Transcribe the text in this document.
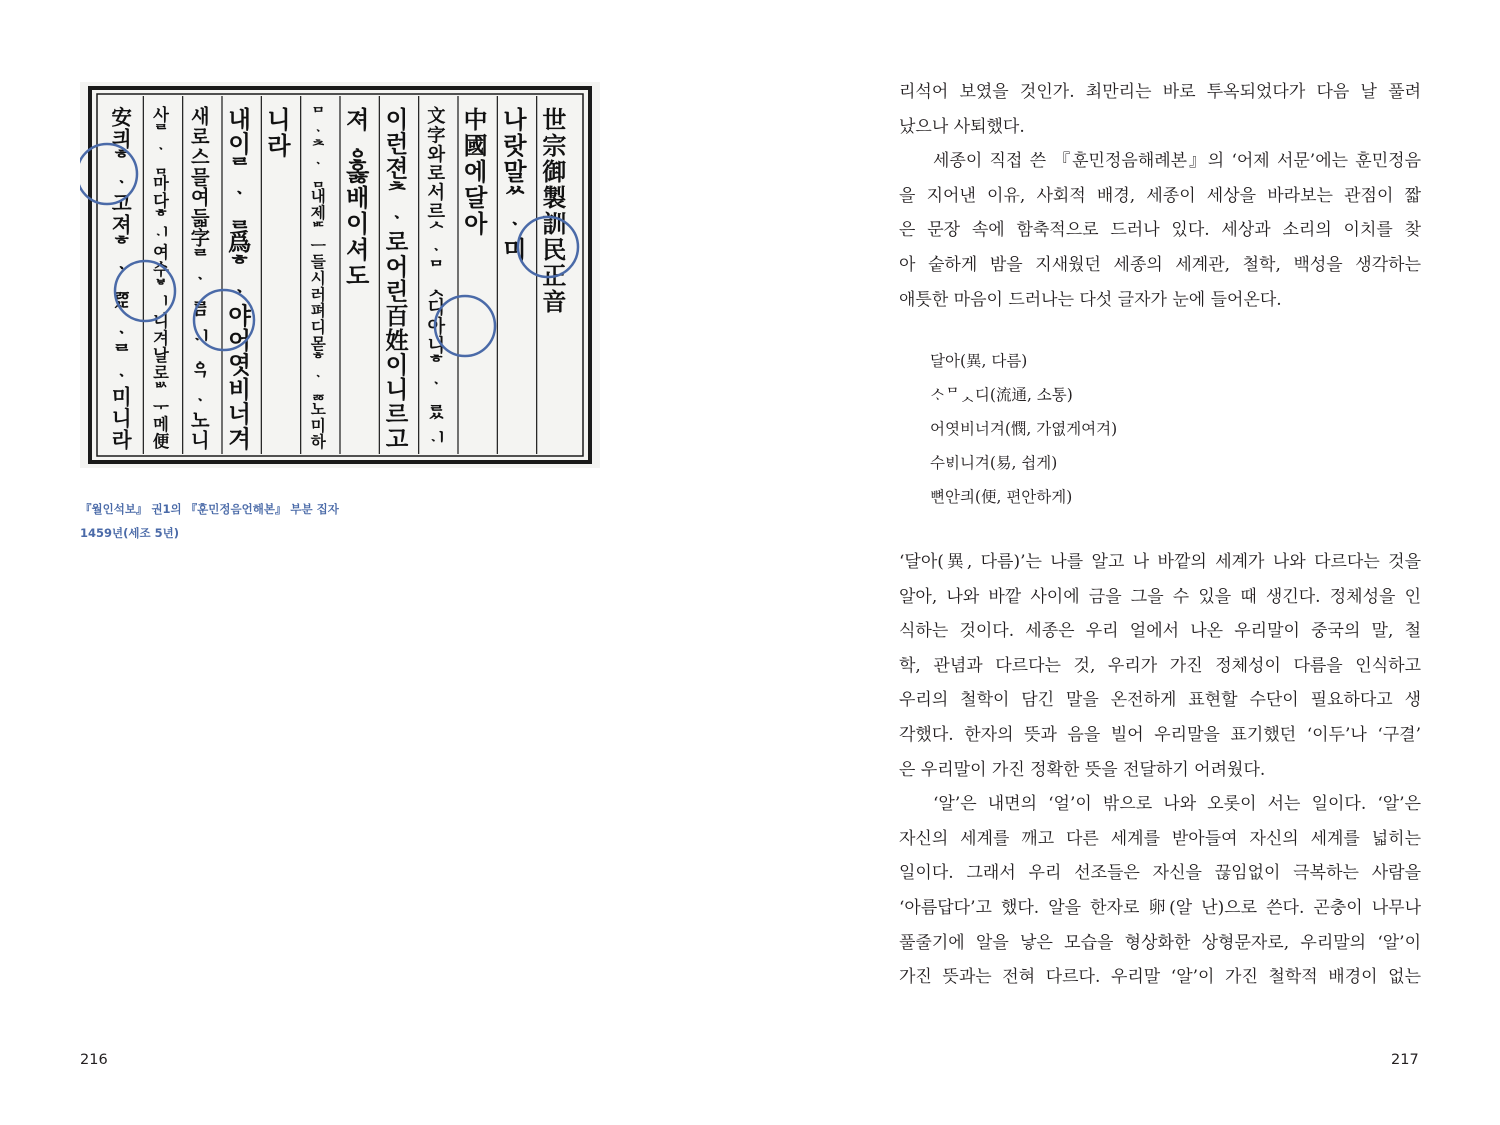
世
宗
御
製
訓
民
正
音
나
랏
말
ᄊ
ᆞ
미
中
國
에
달
아
文
字
와
로
서
르
ᄉ
ᆞ
ᄆ
ᆺ
디
아
니
ᄒ
ᆞ
ᆯ
ᄊ
ᆡ
이
런
젼
ᄎ
ᆞ
로
어
린
百
姓
이
니
르
고
져
ᇰ
홇
배
이
셔
도
ᄆ
ᆞ
ᄎ
ᆞ
ᆷ
내
제
ᄠ
ᅳ
들
시
러
펴
디
몯
ᄒ
ᆞ
ᇙ
노
미
하
니
라
내
이
ᄅ
ᆞ
ᆯ
爲
ᄒ
ᆞ
야
어
엿
비
너
겨
새
로
스
믈
여
듧
字
ᄅ
ᆞ
ᆯ
ᄆ
ᆡ
ᇰ
ᄀ
ᆞ
노
니
사
ᄅ
ᆞ
ᆷ
마
다
ᄒ
ᆡ
여
수
ᄫ
ᅵ
니
겨
날
로
ᄡ
ᅮ
메
便
安
킈
ᄒ
ᆞ
고
져
ᄒ
ᆞ
ᇙ
ᄯ
ᆞ
ᄅ
ᆞ
미
니
라
『월인석보』 권1의 『훈민정음언해본』 부분 집자
1459년(세조 5년)
216
리석어 보였을 것인가. 최만리는 바로 투옥되었다가 다음 날 풀려
났으나 사퇴했다.
세종이 직접 쓴 『훈민정음해례본』의 ‘어제 서문’에는 훈민정음
을 지어낸 이유, 사회적 배경, 세종이 세상을 바라보는 관점이 짧
은 문장 속에 함축적으로 드러나 있다. 세상과 소리의 이치를 찾
아 숱하게 밤을 지새웠던 세종의 세계관, 철학, 백성을 생각하는
애틋한 마음이 드러나는 다섯 글자가 눈에 들어온다.
달아(異, 다름)
ᄉᆞᄆᆺ디(流通, 소통)
어엿비너겨(憫, 가엾게여겨)
수ᄫᅵ니겨(易, 쉽게)
뼌안킈(便, 편안하게)
‘달아(異, 다름)’는 나를 알고 나 바깥의 세계가 나와 다르다는 것을
알아, 나와 바깥 사이에 금을 그을 수 있을 때 생긴다. 정체성을 인
식하는 것이다. 세종은 우리 얼에서 나온 우리말이 중국의 말, 철
학, 관념과 다르다는 것, 우리가 가진 정체성이 다름을 인식하고
우리의 철학이 담긴 말을 온전하게 표현할 수단이 필요하다고 생
각했다. 한자의 뜻과 음을 빌어 우리말을 표기했던 ‘이두’나 ‘구결’
은 우리말이 가진 정확한 뜻을 전달하기 어려웠다.
‘알’은 내면의 ‘얼’이 밖으로 나와 오롯이 서는 일이다. ‘알’은
자신의 세계를 깨고 다른 세계를 받아들여 자신의 세계를 넓히는
일이다. 그래서 우리 선조들은 자신을 끊임없이 극복하는 사람을
‘아름답다’고 했다. 알을 한자로 卵(알 난)으로 쓴다. 곤충이 나무나
풀줄기에 알을 낳은 모습을 형상화한 상형문자로, 우리말의 ‘알’이
가진 뜻과는 전혀 다르다. 우리말 ‘알’이 가진 철학적 배경이 없는
217
